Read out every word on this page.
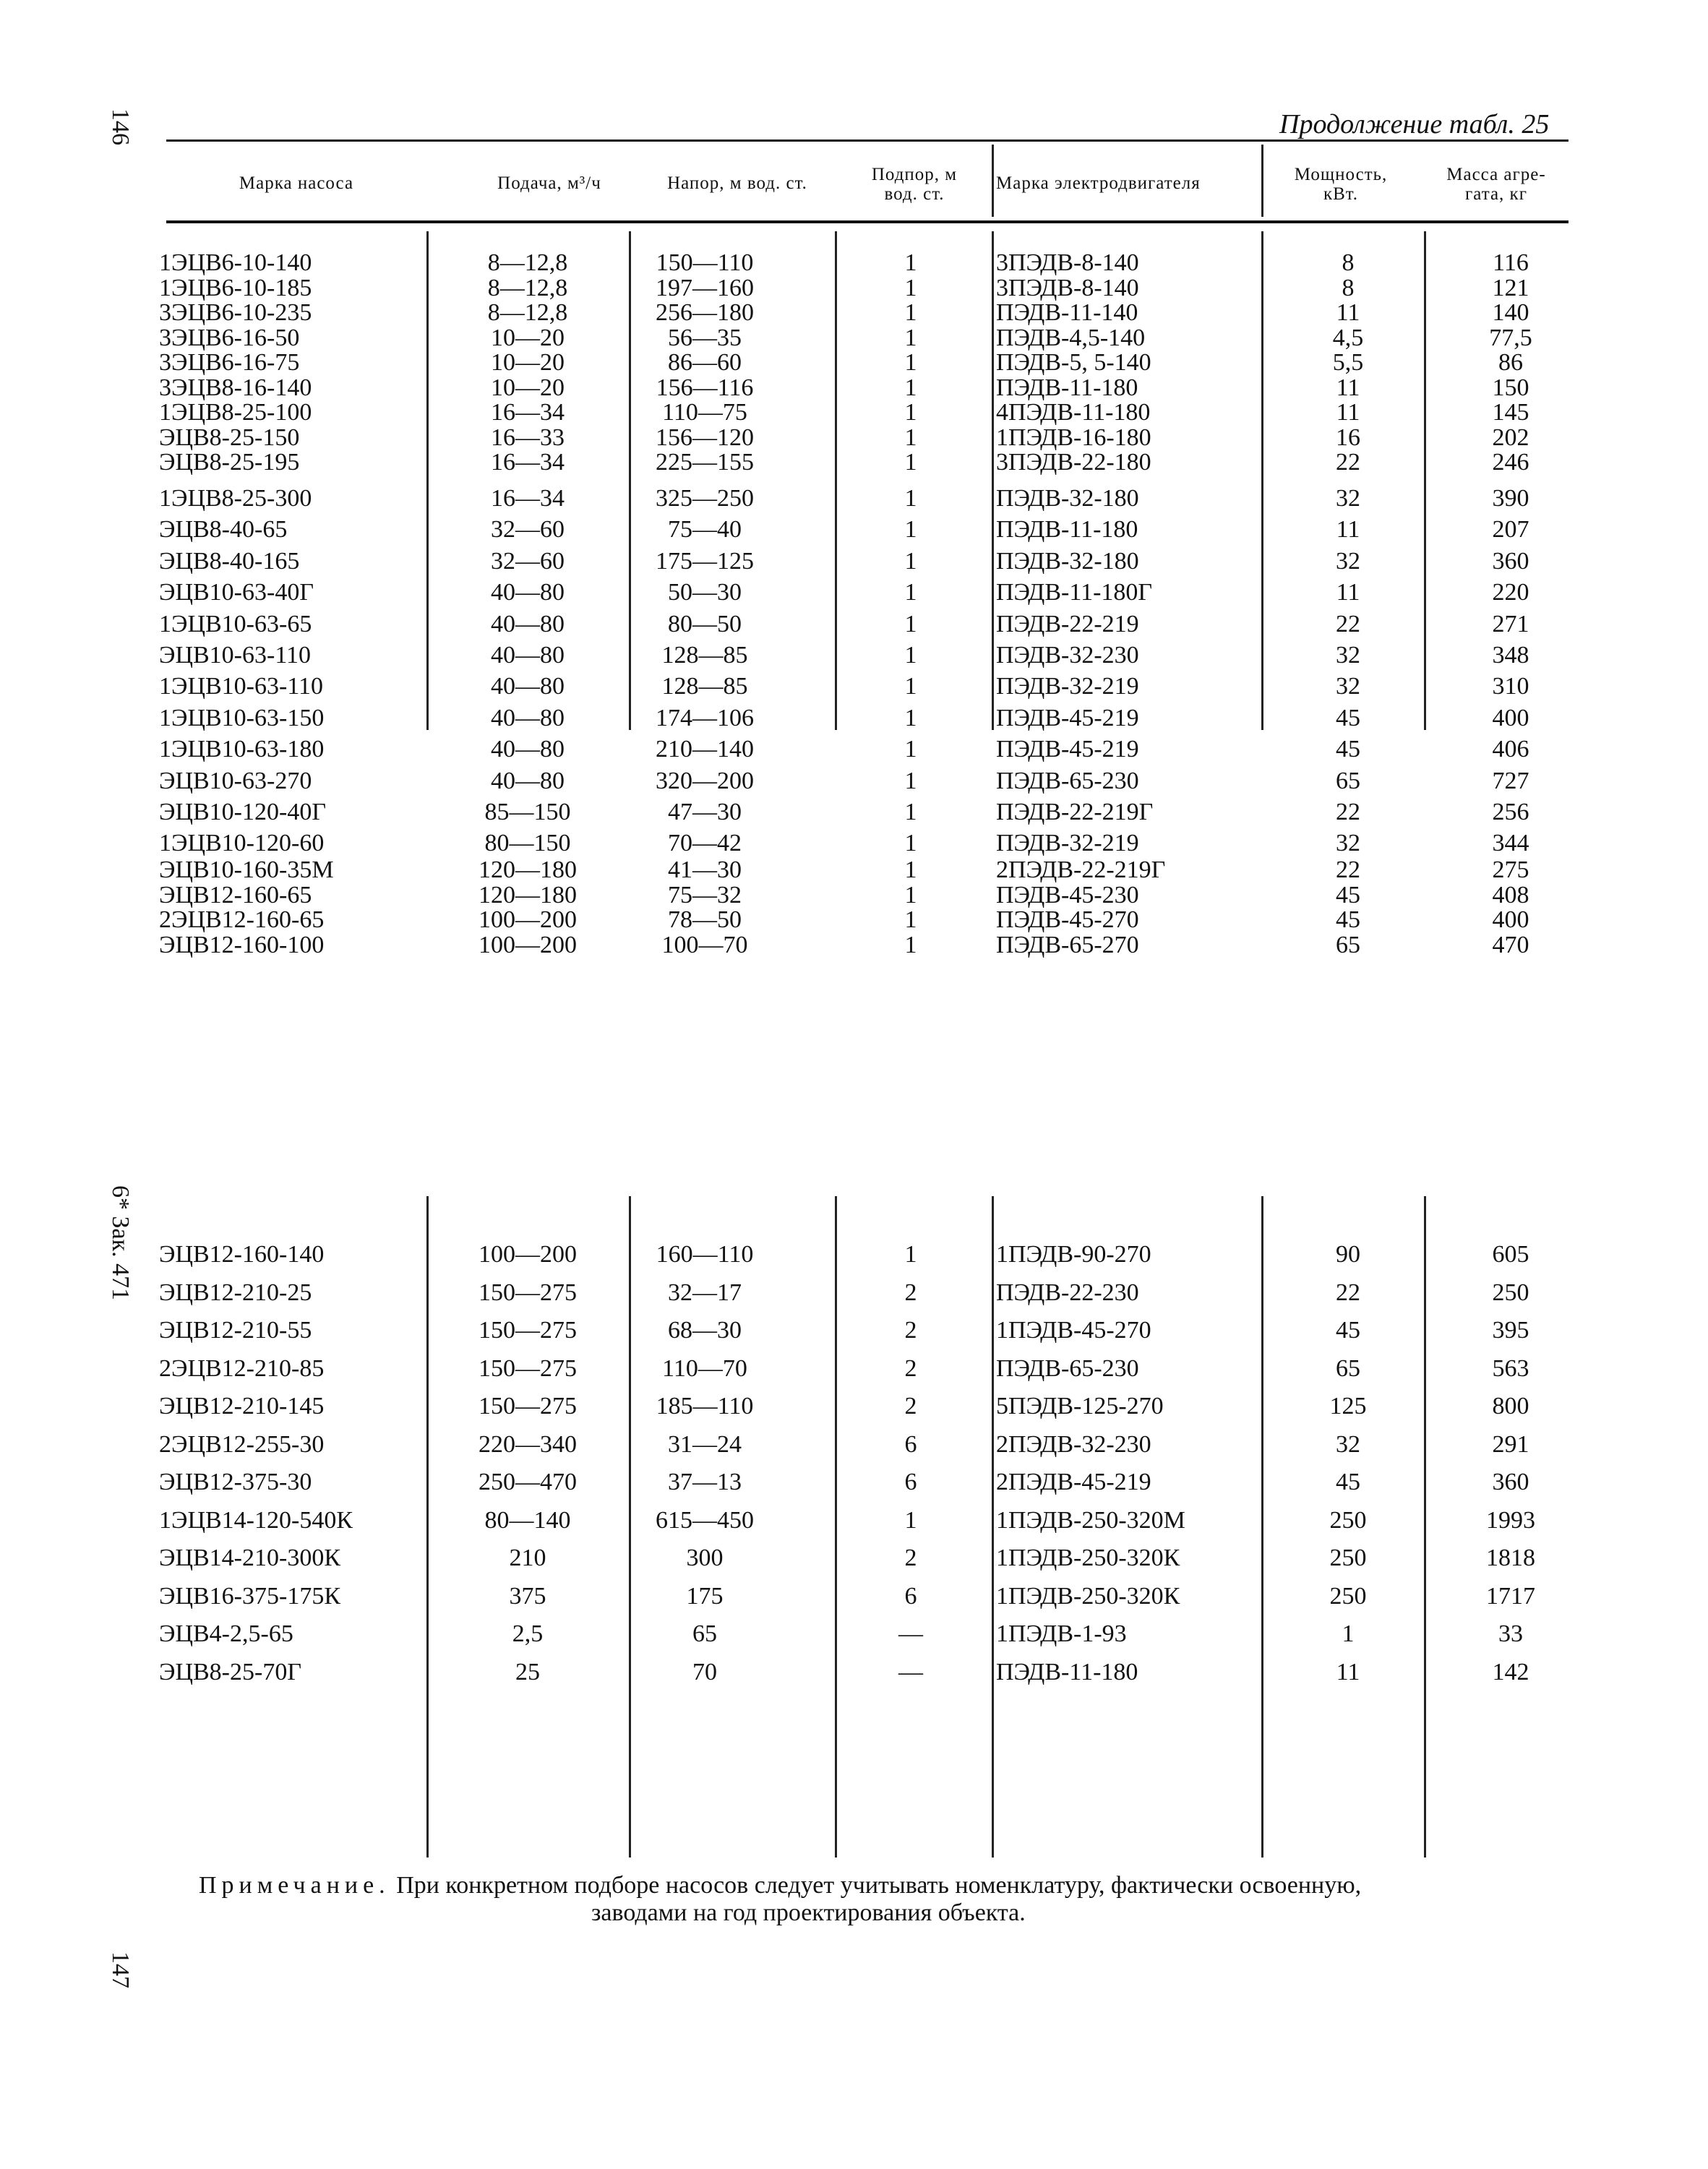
146
6* Зак. 471
147
Продолжение табл. 25
Марка насоса	Подача, м³/ч	Напор, м вод. ст.	Подпор, м
вод. ст.
Марка электродвигателя	Мощность,
кВт.
Масса агре-
гата, кг
1ЭЦВ6-10-140	8—12,8	150—110	1	3ПЭДВ-8-140	8	116
1ЭЦВ6-10-185	8—12,8	197—160	1	3ПЭДВ-8-140	8	121
3ЭЦВ6-10-235	8—12,8	256—180	1	ПЭДВ-11-140	11	140
3ЭЦВ6-16-50	10—20	56—35	1	ПЭДВ-4,5-140	4,5	77,5
3ЭЦВ6-16-75	10—20	86—60	1	ПЭДВ-5, 5-140	5,5	86
3ЭЦВ8-16-140	10—20	156—116	1	ПЭДВ-11-180	11	150
1ЭЦВ8-25-100	16—34	110—75	1	4ПЭДВ-11-180	11	145
ЭЦВ8-25-150	16—33	156—120	1	1ПЭДВ-16-180	16	202
ЭЦВ8-25-195	16—34	225—155	1	3ПЭДВ-22-180	22	246
1ЭЦВ8-25-300	16—34	325—250	1	ПЭДВ-32-180	32	390
ЭЦВ8-40-65	32—60	75—40	1	ПЭДВ-11-180	11	207
ЭЦВ8-40-165	32—60	175—125	1	ПЭДВ-32-180	32	360
ЭЦВ10-63-40Г	40—80	50—30	1	ПЭДВ-11-180Г	11	220
1ЭЦВ10-63-65	40—80	80—50	1	ПЭДВ-22-219	22	271
ЭЦВ10-63-110	40—80	128—85	1	ПЭДВ-32-230	32	348
1ЭЦВ10-63-110	40—80	128—85	1	ПЭДВ-32-219	32	310
1ЭЦВ10-63-150	40—80	174—106	1	ПЭДВ-45-219	45	400
1ЭЦВ10-63-180	40—80	210—140	1	ПЭДВ-45-219	45	406
ЭЦВ10-63-270	40—80	320—200	1	ПЭДВ-65-230	65	727
ЭЦВ10-120-40Г	85—150	47—30	1	ПЭДВ-22-219Г	22	256
1ЭЦВ10-120-60	80—150	70—42	1	ПЭДВ-32-219	32	344
ЭЦВ10-160-35М	120—180	41—30	1	2ПЭДВ-22-219Г	22	275
ЭЦВ12-160-65	120—180	75—32	1	ПЭДВ-45-230	45	408
2ЭЦВ12-160-65	100—200	78—50	1	ПЭДВ-45-270	45	400
ЭЦВ12-160-100	100—200	100—70	1	ПЭДВ-65-270	65	470
ЭЦВ12-160-140	100—200	160—110	1	1ПЭДВ-90-270	90	605
ЭЦВ12-210-25	150—275	32—17	2	ПЭДВ-22-230	22	250
ЭЦВ12-210-55	150—275	68—30	2	1ПЭДВ-45-270	45	395
2ЭЦВ12-210-85	150—275	110—70	2	ПЭДВ-65-230	65	563
ЭЦВ12-210-145	150—275	185—110	2	5ПЭДВ-125-270	125	800
2ЭЦВ12-255-30	220—340	31—24	6	2ПЭДВ-32-230	32	291
ЭЦВ12-375-30	250—470	37—13	6	2ПЭДВ-45-219	45	360
1ЭЦВ14-120-540К	80—140	615—450	1	1ПЭДВ-250-320М	250	1993
ЭЦВ14-210-300К	210	300	2	1ПЭДВ-250-320К	250	1818
ЭЦВ16-375-175К	375	175	6	1ПЭДВ-250-320К	250	1717
ЭЦВ4-2,5-65	2,5	65	—	1ПЭДВ-1-93	1	33
ЭЦВ8-25-70Г	25	70	—	ПЭДВ-11-180	11	142
Примечание. При конкретном подборе насосов следует учитывать номенклатуру, фактически освоенную,
заводами на год проектирования объекта.
